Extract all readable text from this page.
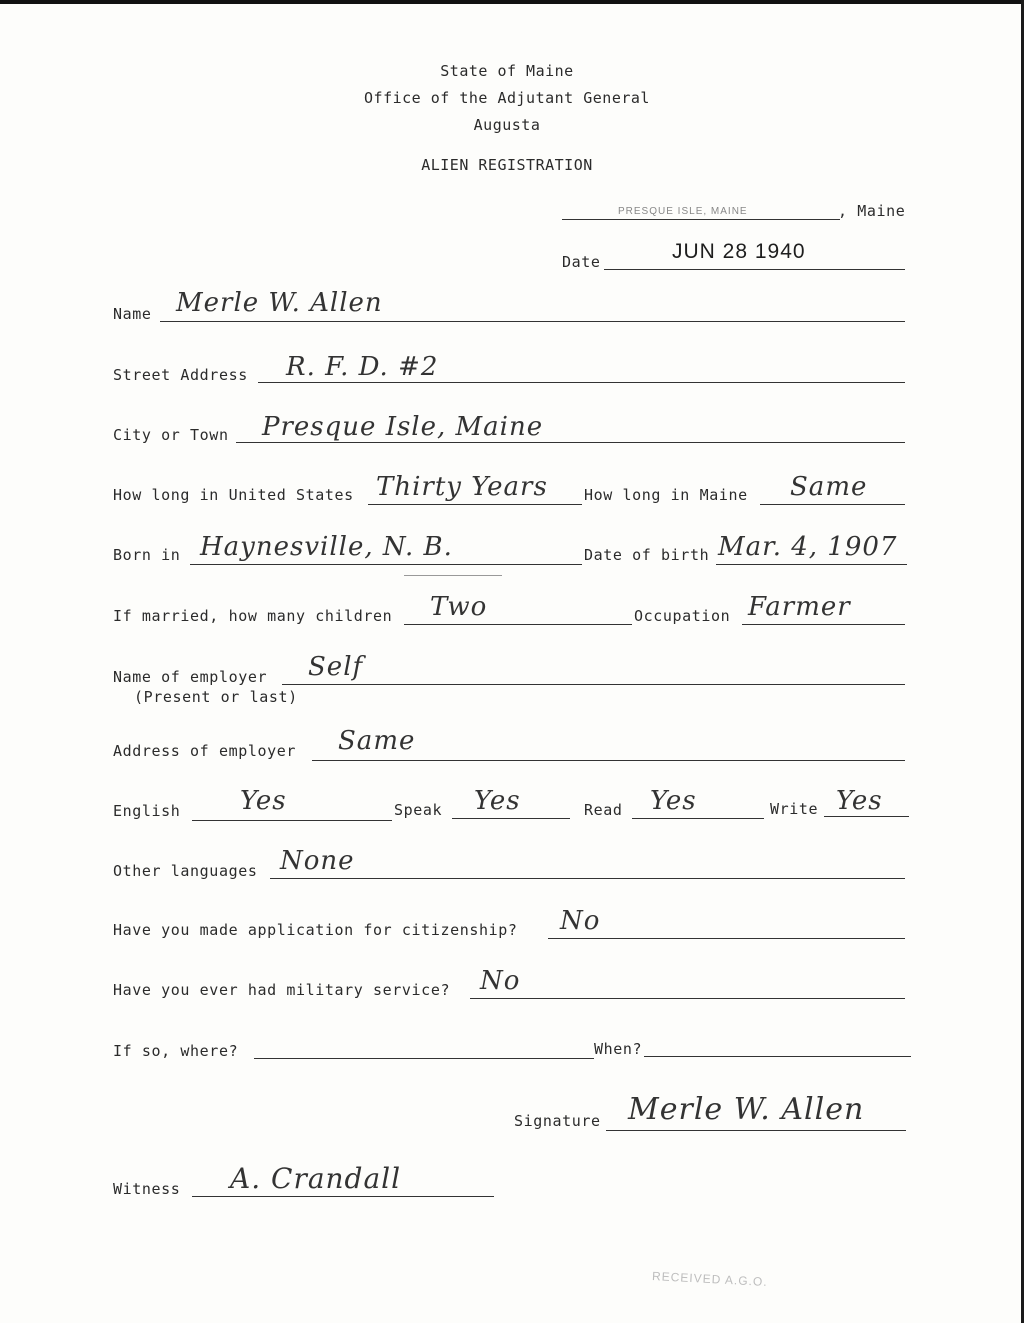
State of Maine
Office of the Adjutant General
Augusta
ALIEN REGISTRATION
PRESQUE ISLE, MAINE	, Maine
Date	JUN 28 1940
Name Merle W. Allen
Street Address R. F. D. #2
City or Town Presque Isle, Maine
How long in United States Thirty Years How long in Maine Same
Born in Haynesville, N. B.	Date of birth Mar. 4, 1907
If married, how many children Two	Occupation Farmer
Name of employer
(Present or last)
Self
Address of employer Same
English Yes	Speak Yes	Read Yes	Write Yes
Other languages None
Have you made application for citizenship? No
Have you ever had military service? No
If so, where?	When?
Signature Merle W. Allen
Witness A. Crandall
RECEIVED A.G.O.
